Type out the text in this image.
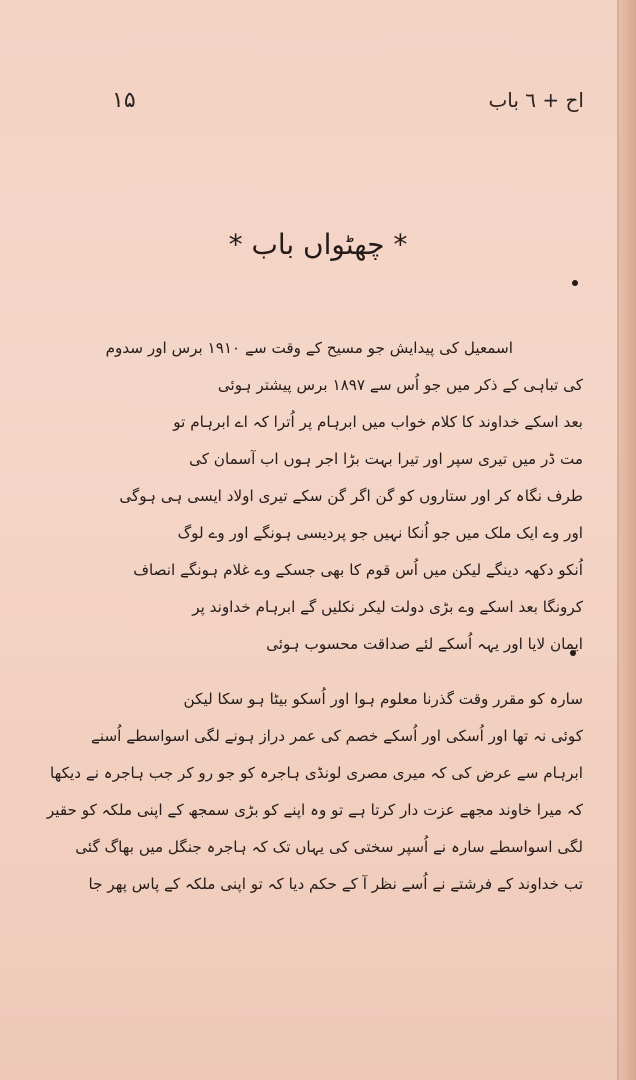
۱۵	اح + ٦ باب
* چھٹواں باب *
اسمعیل کی پیدایش جو مسیح کے وقت سے ۱۹۱۰ برس اور سدوم
کی تباہی کے ذکر میں جو اُس سے ۱۸۹۷ برس پیشتر ہوئی
بعد اسکے خداوند کا کلام خواب میں ابرہام پر اُترا کہ اے ابرہام تو
مت ڈر میں تیری سپر اور تیرا بہت بڑا اجر ہوں اب آسمان کی
طرف نگاہ کر اور ستاروں کو گن اگر گن سکے تیری اولاد ایسی ہی ہوگی
اور وے ایک ملک میں جو اُنکا نہیں جو پردیسی ہونگے اور وے لوگ
اُنکو دکھہ دینگے لیکن میں اُس قوم کا بھی جسکے وے غلام ہونگے انصاف
کرونگا بعد اسکے وے بڑی دولت لیکر نکلیں گے ابرہام خداوند پر
ایمان لایا اور یہہ اُسکے لئے صداقت محسوب ہوئی
سارہ کو مقرر وقت گذرنا معلوم ہوا اور اُسکو بیٹا ہو سکا لیکن
کوئی نہ تھا اور اُسکی اور اُسکے خصم کی عمر دراز ہونے لگی اسواسطے اُسنے
ابرہام سے عرض کی کہ میری مصری لونڈی ہاجرہ کو جو رو کر جب ہاجرہ نے دیکھا
کہ میرا خاوند مجھے عزت دار کرتا ہے تو وہ اپنے کو بڑی سمجھ کے اپنی ملکہ کو حقیر
لگی اسواسطے سارہ نے اُسپر سختی کی یہاں تک کہ ہاجرہ جنگل میں بھاگ گئی
تب خداوند کے فرشتے نے اُسے نظر آ کے حکم دیا کہ تو اپنی ملکہ کے پاس پھر جا
